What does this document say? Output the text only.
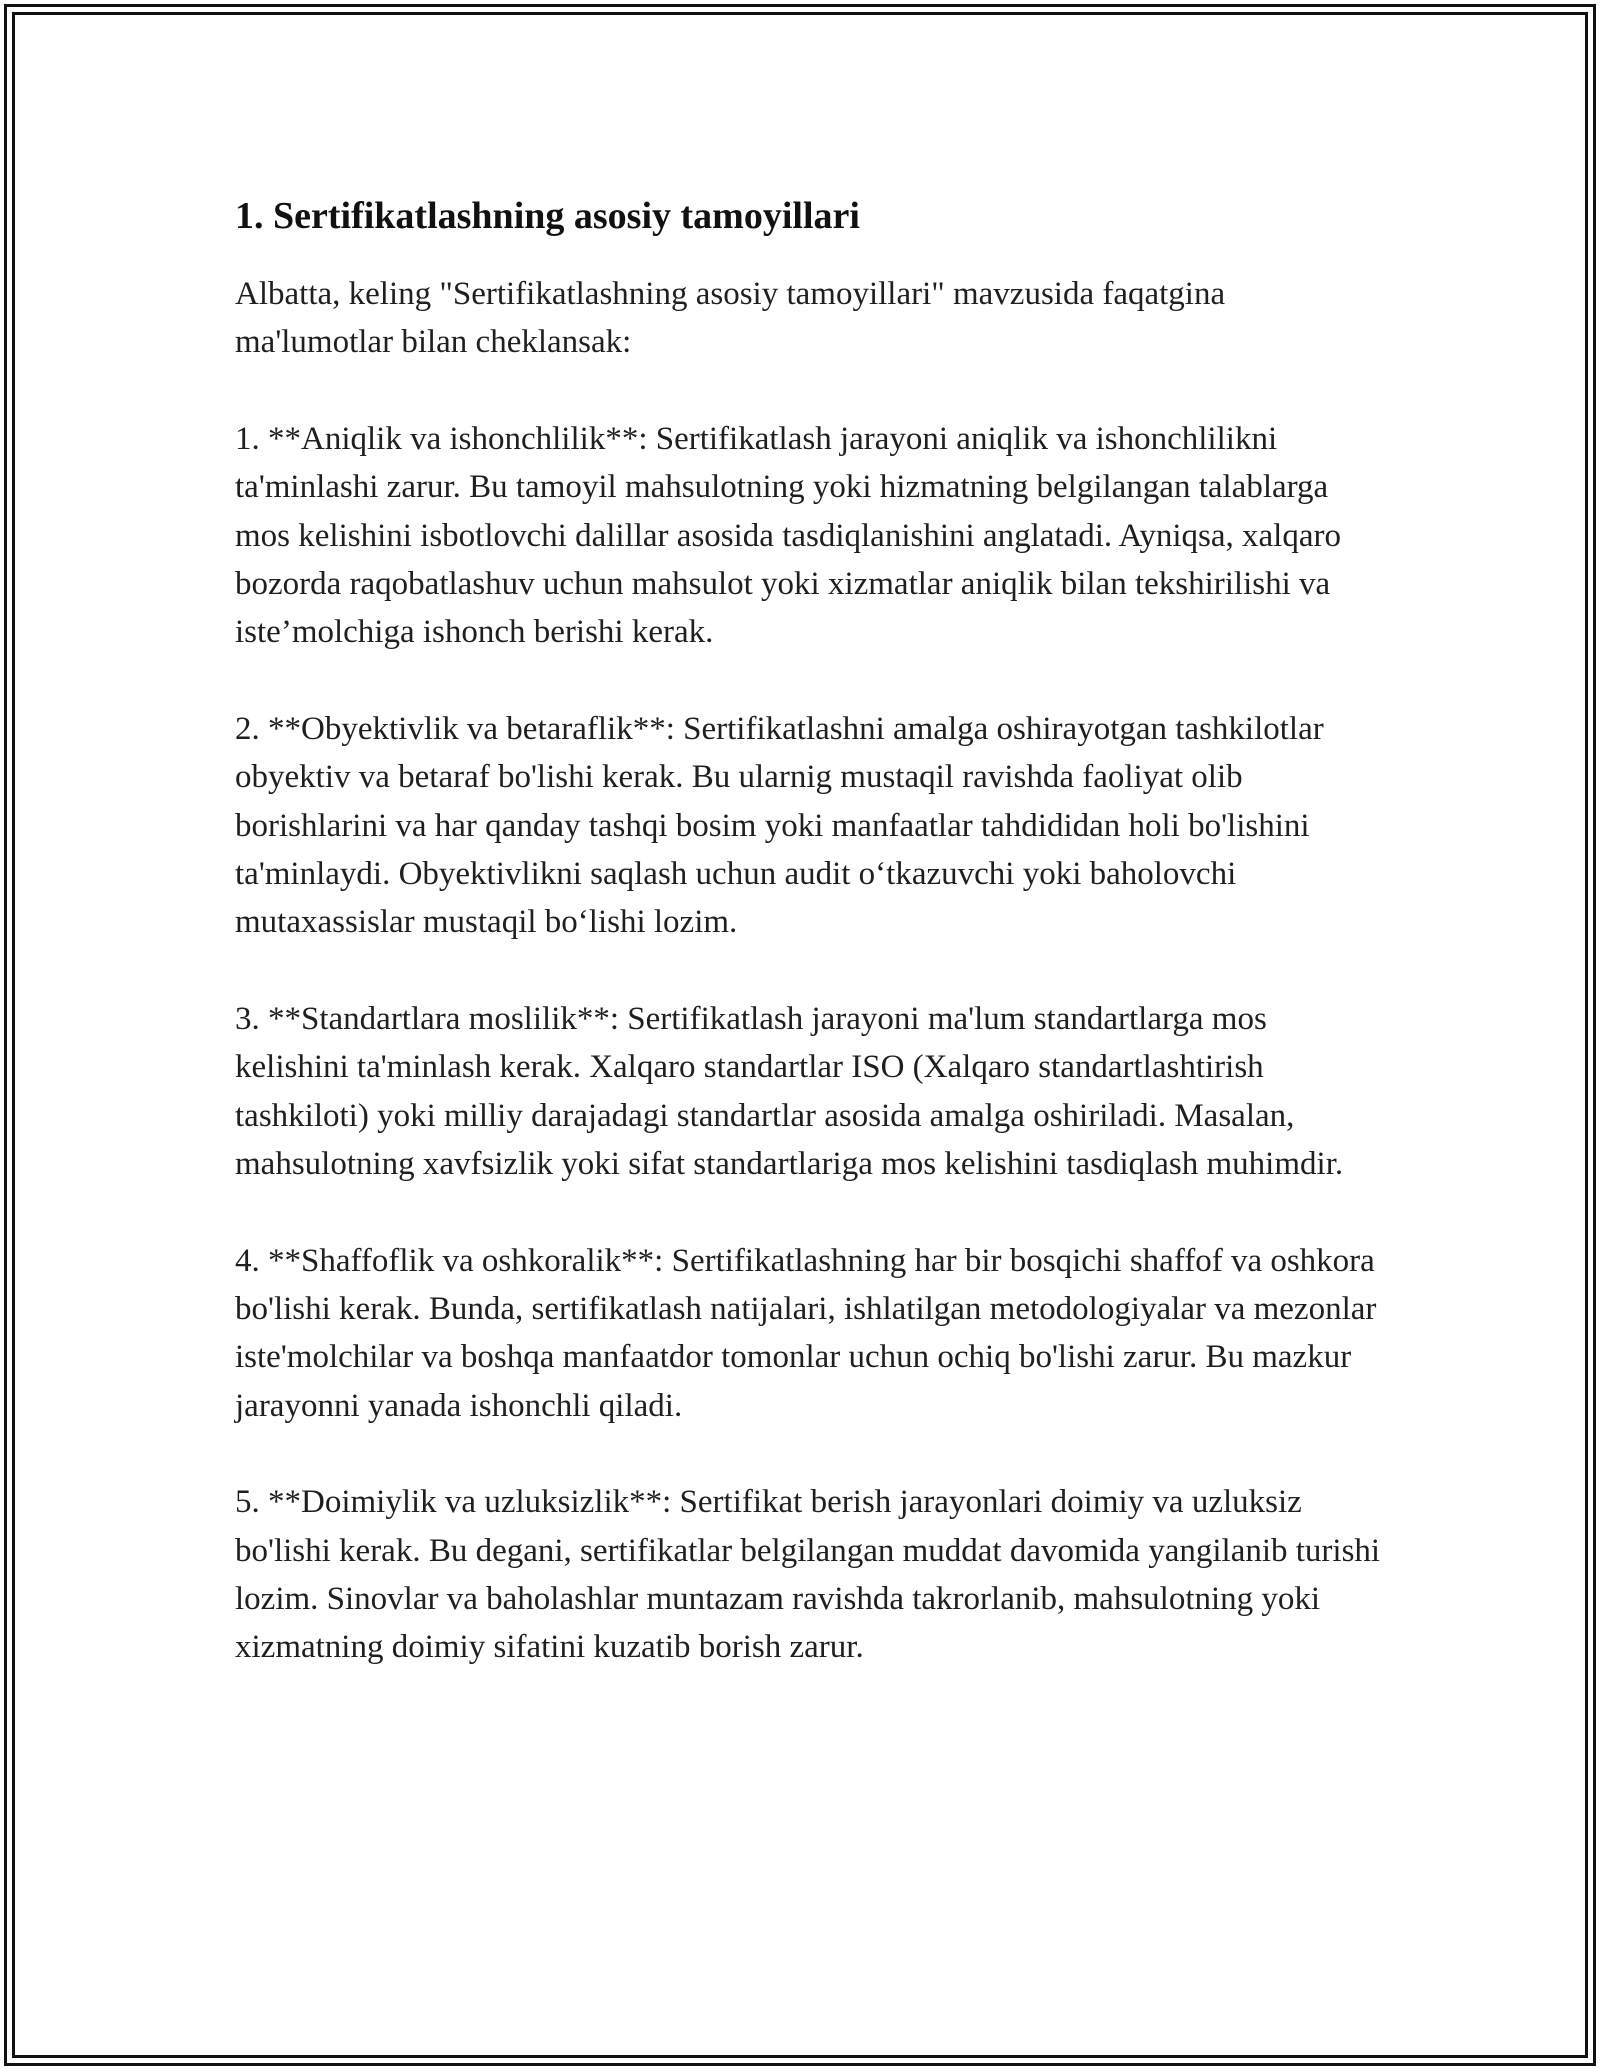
1. Sertifikatlashning asosiy tamoyillari

Albatta, keling "Sertifikatlashning asosiy tamoyillari" mavzusida faqatgina ma'lumotlar bilan cheklansak:

1. **Aniqlik va ishonchlilik**: Sertifikatlash jarayoni aniqlik va ishonchlilikni ta'minlashi zarur. Bu tamoyil mahsulotning yoki hizmatning belgilangan talablarga mos kelishini isbotlovchi dalillar asosida tasdiqlanishini anglatadi. Ayniqsa, xalqaro bozorda raqobatlashuv uchun mahsulot yoki xizmatlar aniqlik bilan tekshirilishi va iste’molchiga ishonch berishi kerak.

2. **Obyektivlik va betaraflik**: Sertifikatlashni amalga oshirayotgan tashkilotlar obyektiv va betaraf bo'lishi kerak. Bu ularnig mustaqil ravishda faoliyat olib borishlarini va har qanday tashqi bosim yoki manfaatlar tahdididan holi bo'lishini ta'minlaydi. Obyektivlikni saqlash uchun audit o‘tkazuvchi yoki baholovchi mutaxassislar mustaqil bo‘lishi lozim.

3. **Standartlara moslilik**: Sertifikatlash jarayoni ma'lum standartlarga mos kelishini ta'minlash kerak. Xalqaro standartlar ISO (Xalqaro standartlashtirish tashkiloti) yoki milliy darajadagi standartlar asosida amalga oshiriladi. Masalan, mahsulotning xavfsizlik yoki sifat standartlariga mos kelishini tasdiqlash muhimdir.

4. **Shaffoflik va oshkoralik**: Sertifikatlashning har bir bosqichi shaffof va oshkora bo'lishi kerak. Bunda, sertifikatlash natijalari, ishlatilgan metodologiyalar va mezonlar iste'molchilar va boshqa manfaatdor tomonlar uchun ochiq bo'lishi zarur. Bu mazkur jarayonni yanada ishonchli qiladi.

5. **Doimiylik va uzluksizlik**: Sertifikat berish jarayonlari doimiy va uzluksiz bo'lishi kerak. Bu degani, sertifikatlar belgilangan muddat davomida yangilanib turishi lozim. Sinovlar va baholashlar muntazam ravishda takrorlanib, mahsulotning yoki xizmatning doimiy sifatini kuzatib borish zarur.
